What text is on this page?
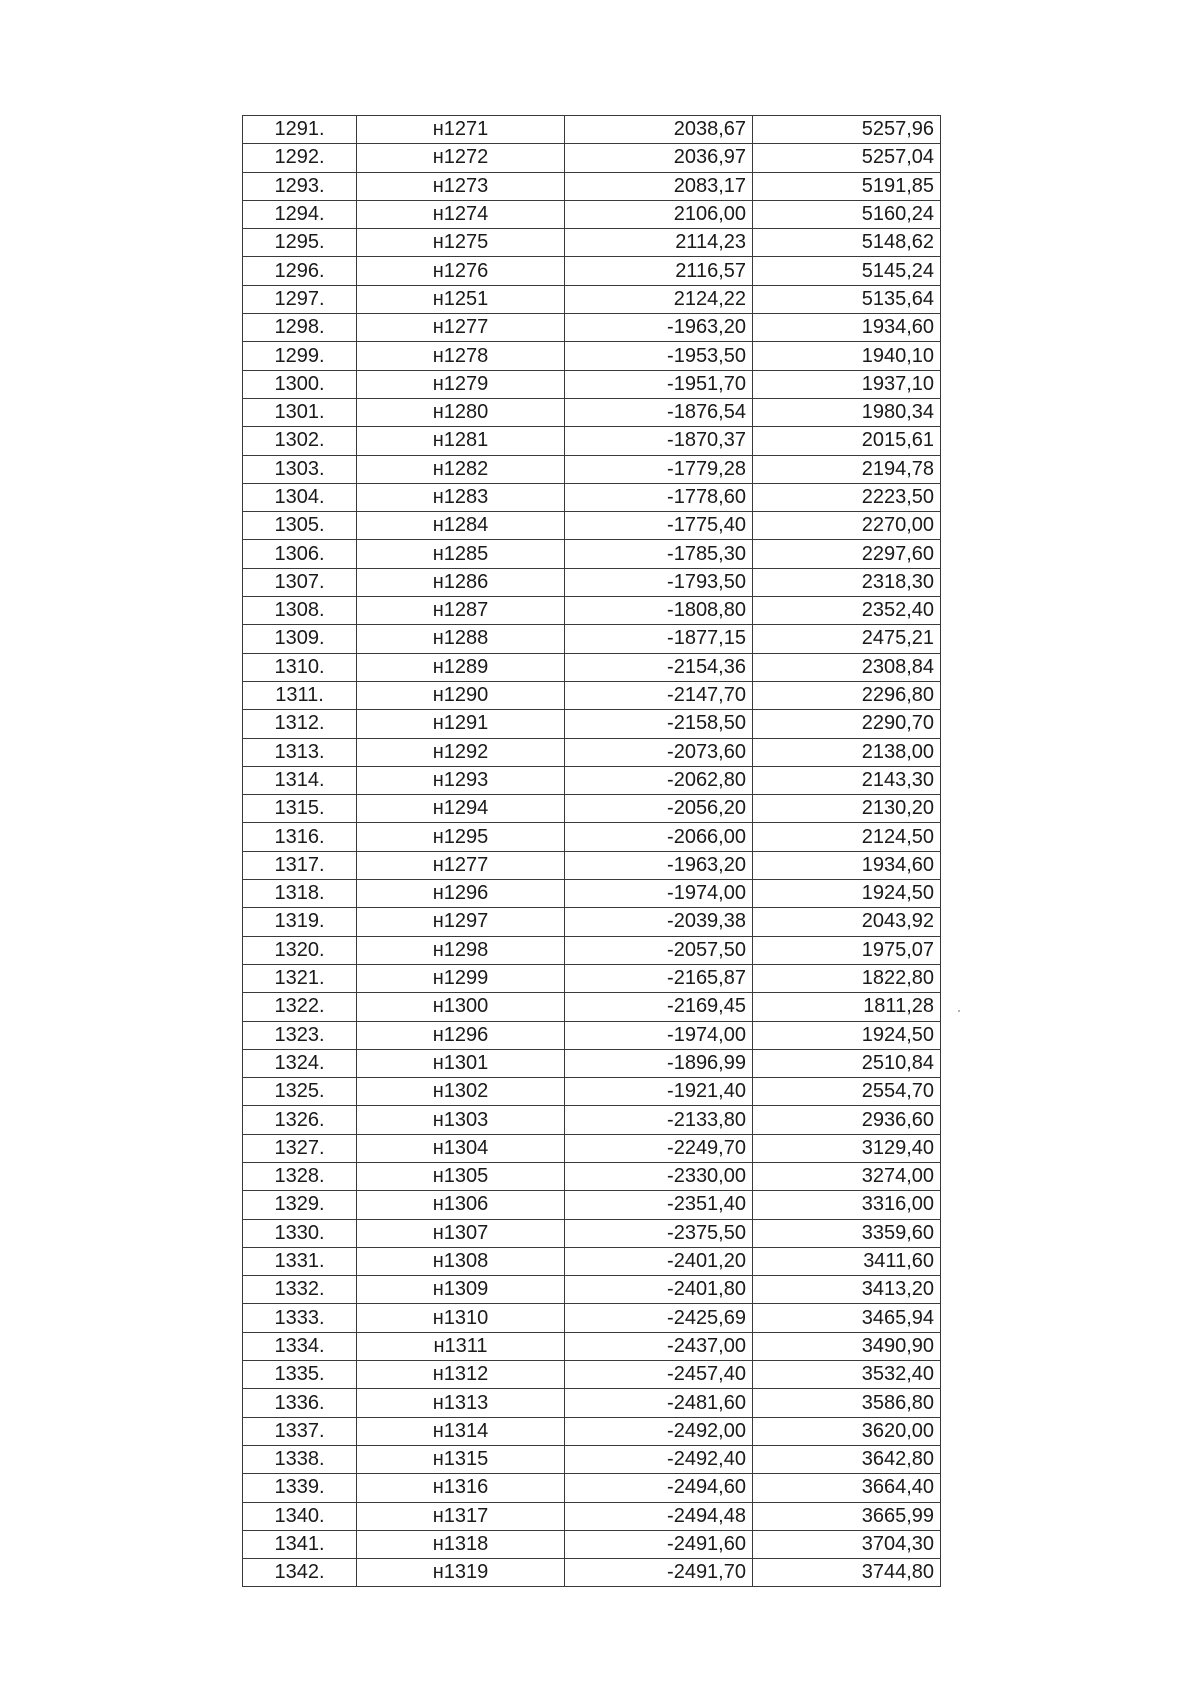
1291.	н1271	2038,67	5257,96
1292.	н1272	2036,97	5257,04
1293.	н1273	2083,17	5191,85
1294.	н1274	2106,00	5160,24
1295.	н1275	2114,23	5148,62
1296.	н1276	2116,57	5145,24
1297.	н1251	2124,22	5135,64
1298.	н1277	-1963,20	1934,60
1299.	н1278	-1953,50	1940,10
1300.	н1279	-1951,70	1937,10
1301.	н1280	-1876,54	1980,34
1302.	н1281	-1870,37	2015,61
1303.	н1282	-1779,28	2194,78
1304.	н1283	-1778,60	2223,50
1305.	н1284	-1775,40	2270,00
1306.	н1285	-1785,30	2297,60
1307.	н1286	-1793,50	2318,30
1308.	н1287	-1808,80	2352,40
1309.	н1288	-1877,15	2475,21
1310.	н1289	-2154,36	2308,84
1311.	н1290	-2147,70	2296,80
1312.	н1291	-2158,50	2290,70
1313.	н1292	-2073,60	2138,00
1314.	н1293	-2062,80	2143,30
1315.	н1294	-2056,20	2130,20
1316.	н1295	-2066,00	2124,50
1317.	н1277	-1963,20	1934,60
1318.	н1296	-1974,00	1924,50
1319.	н1297	-2039,38	2043,92
1320.	н1298	-2057,50	1975,07
1321.	н1299	-2165,87	1822,80
1322.	н1300	-2169,45	1811,28
1323.	н1296	-1974,00	1924,50
1324.	н1301	-1896,99	2510,84
1325.	н1302	-1921,40	2554,70
1326.	н1303	-2133,80	2936,60
1327.	н1304	-2249,70	3129,40
1328.	н1305	-2330,00	3274,00
1329.	н1306	-2351,40	3316,00
1330.	н1307	-2375,50	3359,60
1331.	н1308	-2401,20	3411,60
1332.	н1309	-2401,80	3413,20
1333.	н1310	-2425,69	3465,94
1334.	н1311	-2437,00	3490,90
1335.	н1312	-2457,40	3532,40
1336.	н1313	-2481,60	3586,80
1337.	н1314	-2492,00	3620,00
1338.	н1315	-2492,40	3642,80
1339.	н1316	-2494,60	3664,40
1340.	н1317	-2494,48	3665,99
1341.	н1318	-2491,60	3704,30
1342.	н1319	-2491,70	3744,80
